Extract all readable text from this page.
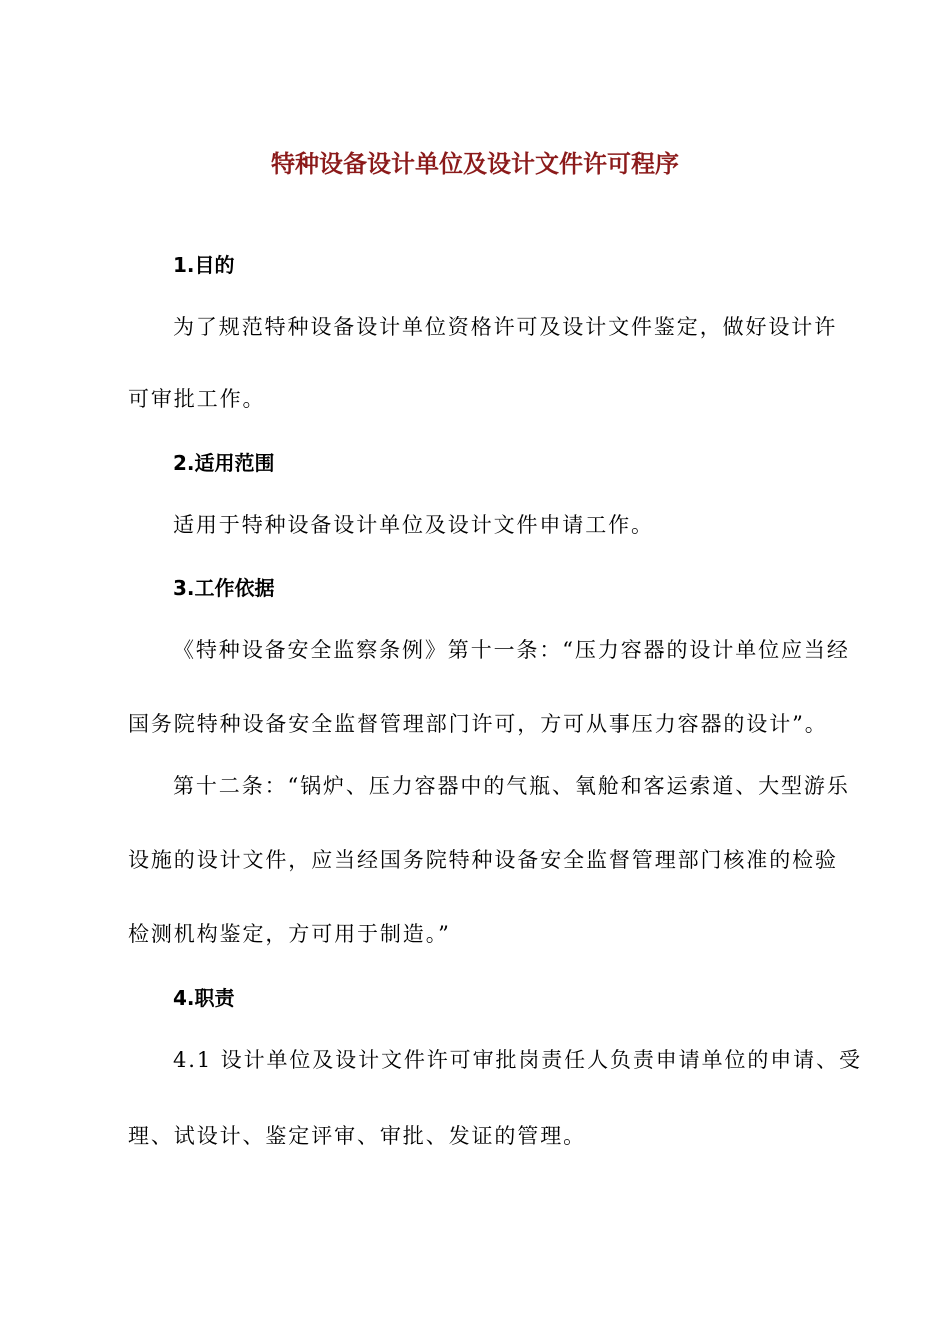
特种设备设计单位及设计文件许可程序
1.目的
为了规范特种设备设计单位资格许可及设计文件鉴定，做好设计许
可审批工作。
2.适用范围
适用于特种设备设计单位及设计文件申请工作。
3.工作依据
《特种设备安全监察条例》第十一条：“压力容器的设计单位应当经
国务院特种设备安全监督管理部门许可，方可从事压力容器的设计”。
第十二条：“锅炉、压力容器中的气瓶、氧舱和客运索道、大型游乐
设施的设计文件，应当经国务院特种设备安全监督管理部门核准的检验
检测机构鉴定，方可用于制造。”
4.职责
4.1 设计单位及设计文件许可审批岗责任人负责申请单位的申请、受
理、试设计、鉴定评审、审批、发证的管理。
